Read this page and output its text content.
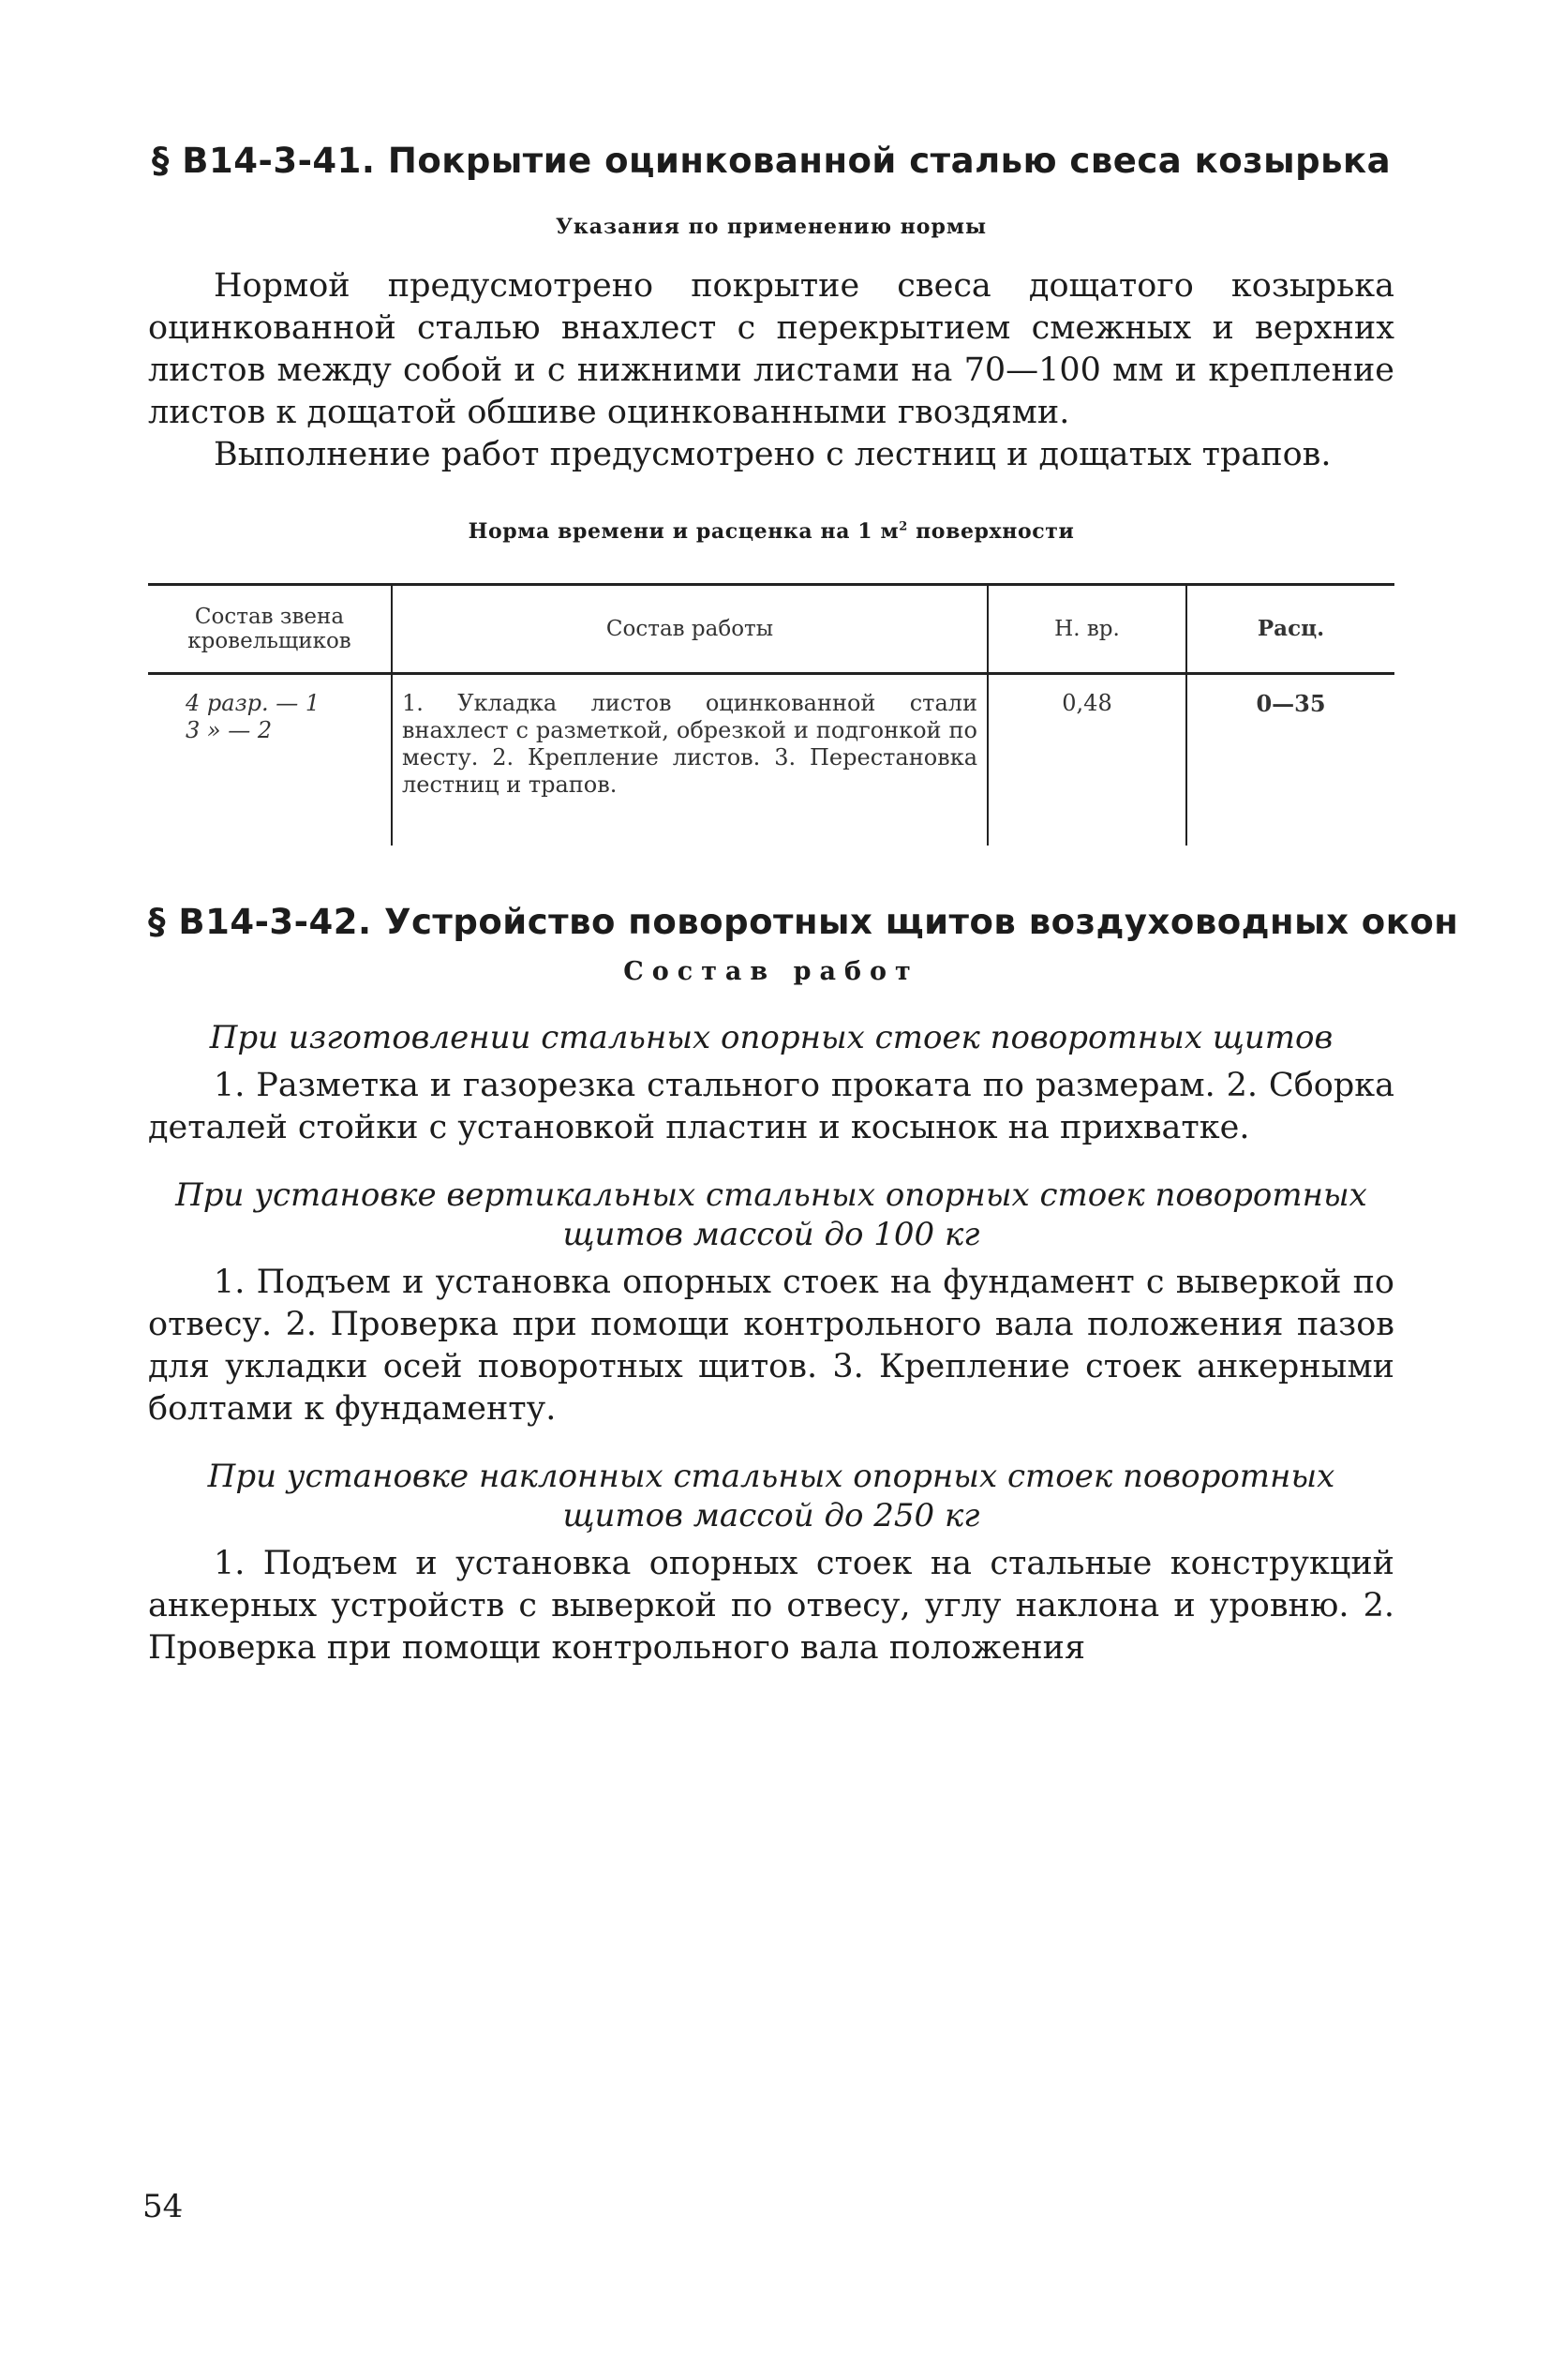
§ В14-3-41. Покрытие оцинкованной сталью свеса козырька
Указания по применению нормы

Нормой предусмотрено покрытие свеса дощатого козырька оцинкованной сталью внахлест с перекрытием смежных и верхних листов между собой и с нижними листами на 70—100 мм и крепление листов к дощатой обшиве оцинкованными гвоздями.

Выполнение работ предусмотрено с лестниц и дощатых трапов.

Норма времени и расценка на 1 $м^2$ поверхности
Состав звена кровельщиков	Состав работы	Н. вр.	Расц.

4 разр. — 1
3 » — 2	1. Укладка листов оцинкованной стали внахлест с разметкой, обрезкой и подгонкой по месту. 2. Крепление листов. 3. Перестановка лестниц и трапов.	0,48	0—35
§ В14-3-42. Устройство поворотных щитов воздуховодных окон
Состав работ
При изготовлении стальных опорных стоек поворотных щитов

1. Разметка и газорезка стального проката по размерам. 2. Сборка деталей стойки с установкой пластин и косынок на прихватке.

При установке вертикальных стальных опорных стоек поворотных щитов массой до 100 кг

1. Подъем и установка опорных стоек на фундамент с выверкой по отвесу. 2. Проверка при помощи контрольного вала положения пазов для укладки осей поворотных щитов. 3. Крепление стоек анкерными болтами к фундаменту.

При установке наклонных стальных опорных стоек поворотных щитов массой до 250 кг

1. Подъем и установка опорных стоек на стальные конструкций анкерных устройств с выверкой по отвесу, углу наклона и уровню. 2. Проверка при помощи контрольного вала положения

54
